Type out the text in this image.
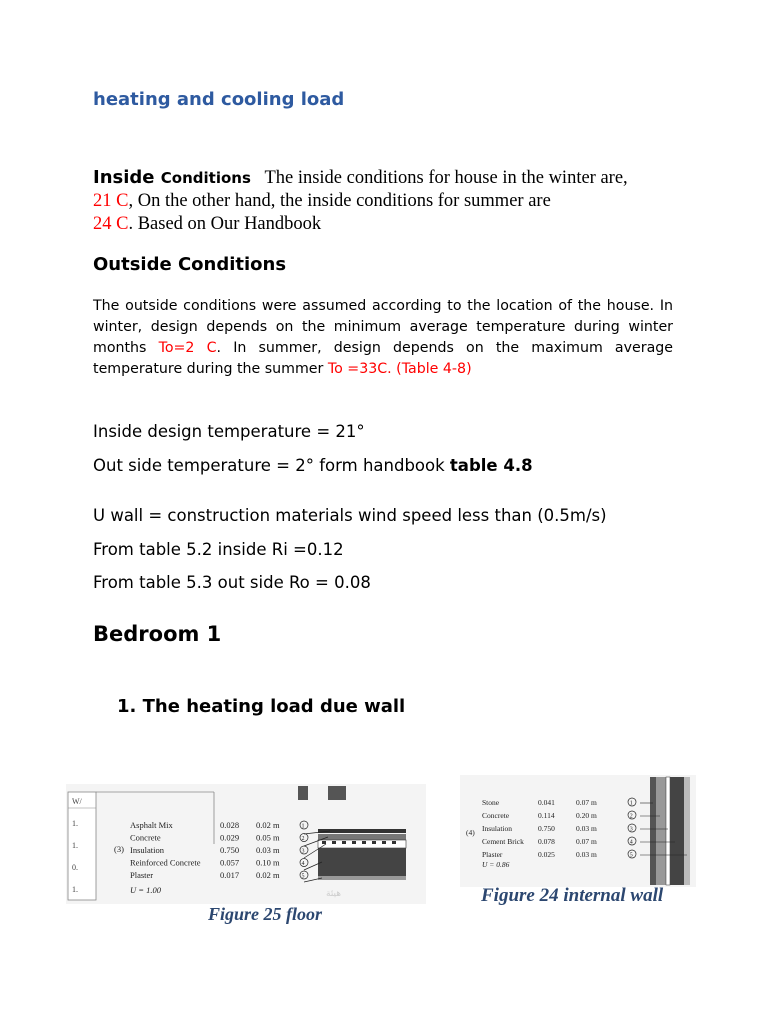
heating and cooling load
Inside Conditions The inside conditions for house in the winter are,
21 C, On the other hand, the inside conditions for summer are
24 C. Based on Our Handbook
Outside Conditions
The outside conditions were assumed according to the location of the house. In winter, design depends on the minimum average temperature during winter months To=2 C. In summer, design depends on the maximum average temperature during the summer To =33C. (Table 4-8)
Inside design temperature = 21°
Out side temperature = 2° form handbook table 4.8
U wall = construction materials wind speed less than (0.5m/s)
From table 5.2 inside Ri =0.12
From table 5.3 out side Ro = 0.08
Bedroom 1
1. The heating load due wall
W/
1.
1.
0.
1.
Asphalt Mix	0.028 0.02 m	1
Concrete	0.029 0.05 m	2
Insulation	0.750 0.03 m	3
Reinforced Concrete 0.057 0.10 m	4
Plaster	0.017 0.02 m	5
(3)
U = 1.00	هيئة
Figure 25 floor
Stone	0.041	0.07 m	1
Concrete	0.114	0.20 m	2
Insulation	0.750	0.03 m	3
Cement Brick 0.078	0.07 m	4
Plaster	0.025	0.03 m	5
(4)
U = 0.86
Figure 24 internal wall
